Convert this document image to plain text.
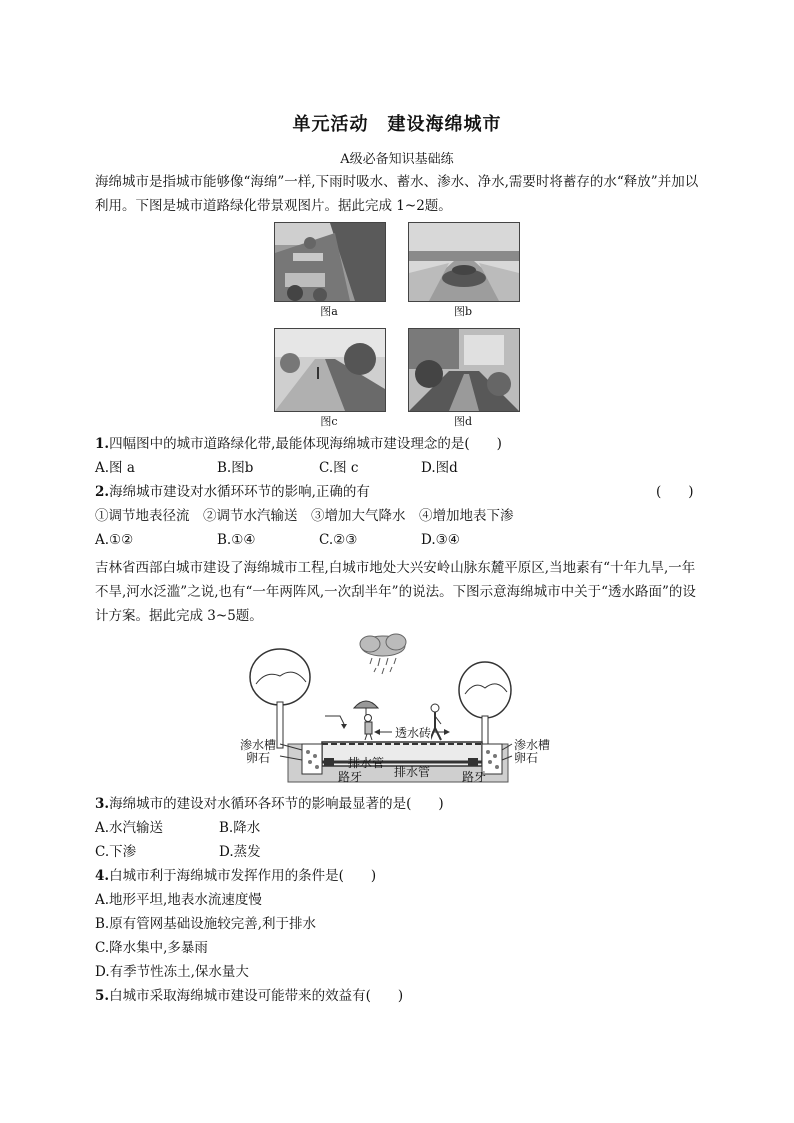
单元活动　建设海绵城市
A级必备知识基础练
海绵城市是指城市能够像“海绵”一样,下雨时吸水、蓄水、渗水、净水,需要时将蓄存的水“释放”并加以利用。下图是城市道路绿化带景观图片。据此完成 1~2题。
图a	图b
图c	图d
1.四幅图中的城市道路绿化带,最能体现海绵城市建设理念的是(　　)
A.图 a	B.图b	C.图 c	D.图d
2.海绵城市建设对水循环环节的影响,正确的有	(　　)
①调节地表径流　②调节水汽输送　③增加大气降水　④增加地表下渗
A.①②	B.①④	C.②③	D.③④
吉林省西部白城市建设了海绵城市工程,白城市地处大兴安岭山脉东麓平原区,当地素有“十年九旱,一年不旱,河水泛滥”之说,也有“一年两阵风,一次刮半年”的说法。下图示意海绵城市中关于“透水路面”的设计方案。据此完成 3~5题。
透水砖
渗水槽
卵石
渗水槽
卵石
排水管
排水管
路牙	路牙
3.海绵城市的建设对水循环各环节的影响最显著的是(　　)
A.水汽输送	B.降水
C.下渗	D.蒸发
4.白城市利于海绵城市发挥作用的条件是(　　)
A.地形平坦,地表水流速度慢
B.原有管网基础设施较完善,利于排水
C.降水集中,多暴雨
D.有季节性冻土,保水量大
5.白城市采取海绵城市建设可能带来的效益有(　　)
